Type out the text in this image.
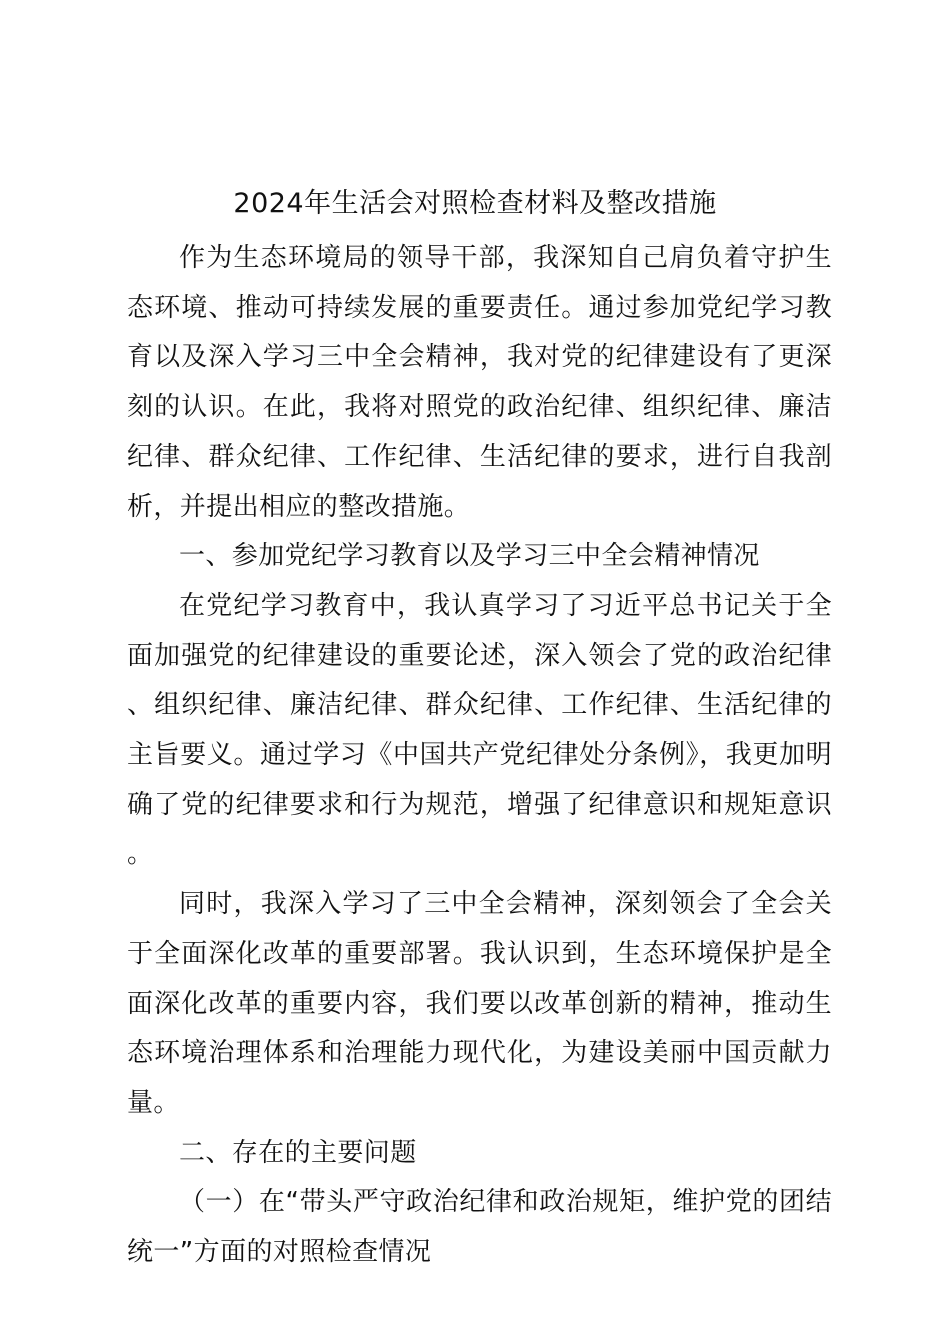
2024年生活会对照检查材料及整改措施

作为生态环境局的领导干部，我深知自己肩负着守护生态环境、推动可持续发展的重要责任。通过参加党纪学习教育以及深入学习三中全会精神，我对党的纪律建设有了更深刻的认识。在此，我将对照党的政治纪律、组织纪律、廉洁纪律、群众纪律、工作纪律、生活纪律的要求，进行自我剖析，并提出相应的整改措施。

一、参加党纪学习教育以及学习三中全会精神情况

在党纪学习教育中，我认真学习了习近平总书记关于全面加强党的纪律建设的重要论述，深入领会了党的政治纪律、组织纪律、廉洁纪律、群众纪律、工作纪律、生活纪律的主旨要义。通过学习《中国共产党纪律处分条例》，我更加明确了党的纪律要求和行为规范，增强了纪律意识和规矩意识。

同时，我深入学习了三中全会精神，深刻领会了全会关于全面深化改革的重要部署。我认识到，生态环境保护是全面深化改革的重要内容，我们要以改革创新的精神，推动生态环境治理体系和治理能力现代化，为建设美丽中国贡献力量。

二、存在的主要问题

（一）在“带头严守政治纪律和政治规矩，维护党的团结统一”方面的对照检查情况
